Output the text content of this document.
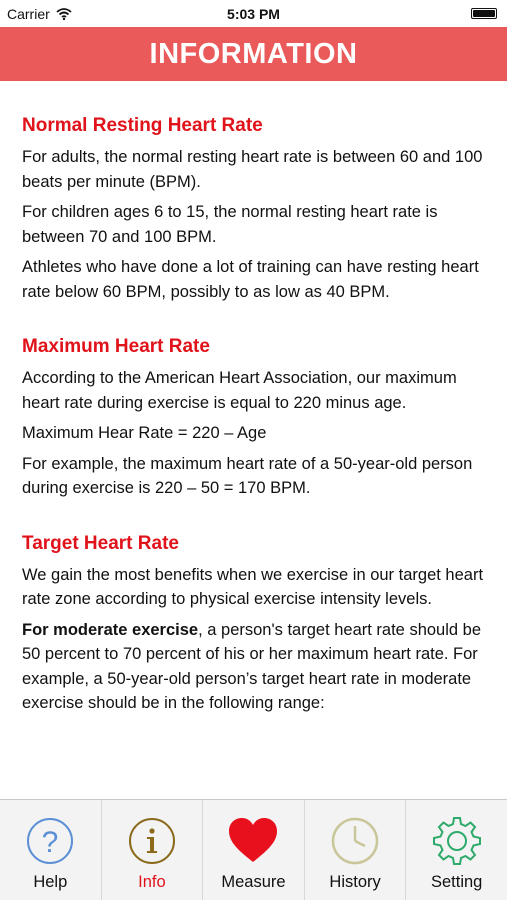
Carrier	5:03 PM
INFORMATION
Normal Resting Heart Rate

For adults, the normal resting heart rate is between 60 and 100 beats per minute (BPM).

For children ages 6 to 15, the normal resting heart rate is between 70 and 100 BPM.

Athletes who have done a lot of training can have resting heart rate below 60 BPM, possibly to as low as 40 BPM.

Maximum Heart Rate

According to the American Heart Association, our maximum heart rate during exercise is equal to 220 minus age.

Maximum Hear Rate = 220 – Age

For example, the maximum heart rate of a 50-year-old person during exercise is 220 – 50 = 170 BPM.

Target Heart Rate

We gain the most benefits when we exercise in our target heart rate zone according to physical exercise intensity levels.

For moderate exercise, a person's target heart rate should be 50 percent to 70 percent of his or her maximum heart rate. For example, a 50-year-old person’s target heart rate in moderate exercise should be in the following range:

?
Help	Info	Measure	History	Setting
